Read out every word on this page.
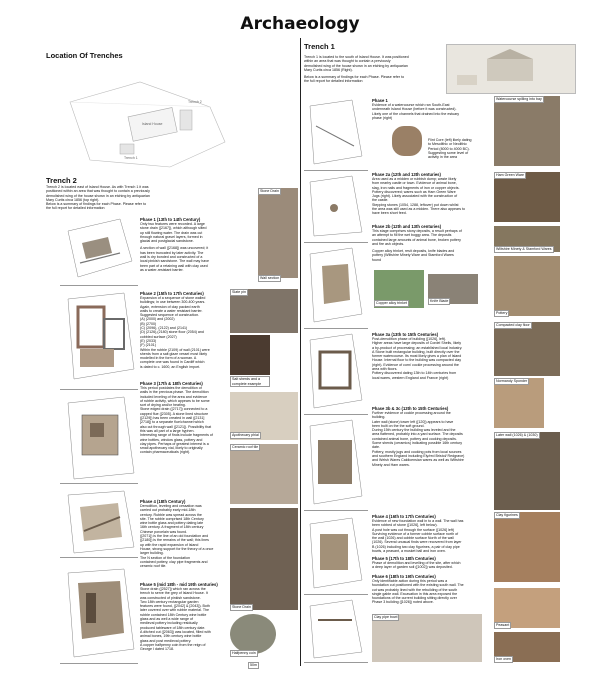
Archaeology
Location Of Trenches
Trench 2
Trench 1
Island House
Trench 2
Trench 2 is located east of Island House. As with Trench 1 it was
positioned within an area that was thought to contain a previously
demolished wing of the house shown in an etching by antiquarian
Mary Curtis circa 1856 (top right).
Below is a summary of findings for each Phase. Please refer to
the full report for detailed information
Phase 1 (13th to 14th Century)
Only two features were recorded. A large
stone drain ([2167]), which although silted
up still flowing water. The drain was cut
through natural gravel layers, formed in
glacial and postglacial sandstone.
A section of wall ([2168]) was uncovered; it
has been truncated by later activity. The
wall is dry bonded and constructed of a
local pinkish sandstone. The wall may have
been part of a retaining wall with clay used
as a water-resistant barrier.
Phase 2 (15th to 17th Centuries)
Expansion of a sequence of stone walled
buildings; in use between 300-400 years.
Again, extension of clay packed earth
walls to create a water resistant barrier.
Suggested sequence of construction.
(A) (2000) and (2002)
(B) (2700)
(C) (2096), (2122) and (2141)
(D) (2126),(2180) stone floor (2054) and
cobbled surface (2027)
(E) (2033)
(F) (2101)
Within the rubble (2109) of wall (2101) were
sherds from a salt glaze vessel most likely
modelled in the form of a woman. A
complete one was found in Cardiff which
is dated to c. 1600, an English import.
Phase 3 (17th & 18th Centuries)
This period postdates the demolition of
walls in the previous phase. The demolition
included leveling of the area and evidence
of rubble activity, which appears to be some
sort of drying and/or heating.
Stone edged drain ([2717]) connected to a
capped flue ([2305]. A stone lined structure
([2129]) has been created in wall ([2131]
[2718]) to a separate flue/channel which
also cut through wall ([2121]). Possibility that
this was all part of a large hyphen.
Interesting range of finds include fragments of
wine bottles, window glass, pottery and
clay pipes. Perhaps of greatest interest is a
small apothecary vial, likely to originally
contain pharmaceuticals (right).
Phase 4 (18th Century)
Demolition, leveling and cessation was
carried out probably early mid-18th
century. Rubble was spread across the
site. The rubble comprised 18th Century
wine bottle glass and pottery dating late
16th century. A fragment of 18th century
Chinese porcelain was found.
([2071]) is the line of an old foundation and
([2180]) is the remains of the wall; this lines
up with the rapid expansion of Island
House, strong support for the theory of a once
larger building.
The N section of the foundation
contained pottery, clay pipe fragments and
ceramic roof tile.
Phase 5 (mid 18th - mid 19th centuries)
Stone drain ([2527]) which ran across the
trench to serve the grey of Island House. It
was constructed of pinkish sandstone.
Two 18th century rectangular garden
features were found, ([2042] & [2043]). Both
later covered over with rubble material. The
rubble contained 18th Century wine bottle
glass and as well a wide range of
medieval pottery including residually
produced tableware of 18th century date.
A ditched cut ([2063]) was located, filled with
animal bones, 19th century wine bottle
glass and post medieval pottery.
A copper halfpenny coin from the reign of
George I dated 1718.
Stone Drain
Wall section
Slate pin
Salt sherds and a complete example
Apothecary phial
Ceramic roof tile
Stone Drain
Halfpenny coin
50m
Trench 1
Trench 1 is located to the south of Island House. It was positioned
within an area that was thought to contain a previously
demolished wing of the house shown in an etching by antiquarian
Mary Curtis circa 1856 (Right).
Below is a summary of findings for each Phase. Please refer to
the full report for detailed information
Phase 1
Evidence of a watercourse which ran South-East
underneath Island House (before it was constructed).
Likely one of the channels that drained into the estuary
phase (right)
Flint Core (left) likely dating
to Mesolithic or Neolithic
Period (8000 to 4000 BC).
Suggesting some level of
activity in the area
Watercourse spilling into bay
Phase 2a (12th and 13th centuries)
Area used as a midden or rubbish dump; waste likely
from nearby castle or town. Evidence of animal bone,
slag, iron nails and fragments of iron or copper objects.
Pottery discovered; wares such as Ham Green Ware
Jugs (right). Likely associated with the construction of
the castle.
Stepping stones (1054, 1288, leftover) put down whilst
the area was still used as a midden. There also appears to
have been short feed.
Ham Green Ware
Phase 2b (12th and 13th centuries)
This stage comprises stony deposits, a result perhaps of
an attempt to fill the wet boggy area. The deposits
contained large amounts of animal bone, broken pottery
and fire ash objects.
Copper alloy trinket, resit deposits, knife blades and
pottery (Wiltshire Minety Ware and Stamford Wares
found
Copper alloy trinket	Knife Blade
Wiltshire Minety & Stamford Wares
Pottery
Phase 3a (13th to 15th Centuries)
Post-demolition phase of building ([1026], left).
Higher areas have large deposits of Cordel Shells, likely
a by-product of processing; an established local industry.
A Stone built rectangular building, built directly over the
former watercourse. Its most likely gives a plan of Island
House. Internal floor to the building was compacted clay
(right). Evidence of corn/ cockle processing around the
area with floors.
Pottery discovered dating 13th to 14th centuries from
local wares, western England and France (right)
Compacted clay floor
Normandy Sponder
Phase 3b & 3c (13th to 15th Centuries)
Further evidence of cockle processing around the
building.
Later wall (stone) tower left ([120]) appears to have
been built on the the soft ground.
During 15th century the building was leveled and the
area flattened, probably into a yard surface. The deposits
contained animal bone, pottery and cooking deposits.
Some sherds (ceramics) indicating possible 16th century
date.
Pottery, mostly jugs and cooking pots from local sources
and southern England including Ely/red Bristol/ Redgrave)
and Welsh Wares Caldicensian wares as well as Wiltshire
Minety and Ham wares.
Later wall (1026) & (1030)
Phase 4 (16th to 17th Centuries)
Evidence of new foundation wall in to a wall. The wall has
been robbed of stone ([1026], left below).
A post hole was cut through the surface ([1026] left)
Surviving evidence of a former cobble surface north of
the wall (1026) and cobble surface North of the wall
(1026). Several unusual finds were recovered from layer
B (1026) including two clay figurines, a pair of clay pipe
bowls, a peasant, a musket ball and iron oven.
Phase 5 (17th to 18th Centuries)
Phase of demolition and levelling of the site, after which
a deep layer of garden soil ([1002]) was deposited.
Phase 6 (18th to 19th Centuries)
Only identifiable action during this period was a
foundation cut positioned with the existing south wall. The
cut was probably lined with the rebuilding of the south
single gable wall. Excavation in this area exposed the
foundations of the current building sitting directly over
Phase 3 building ([1026]) noted above.
Clay figurines
Peasant
Iron oven
Clay pipe bowl
